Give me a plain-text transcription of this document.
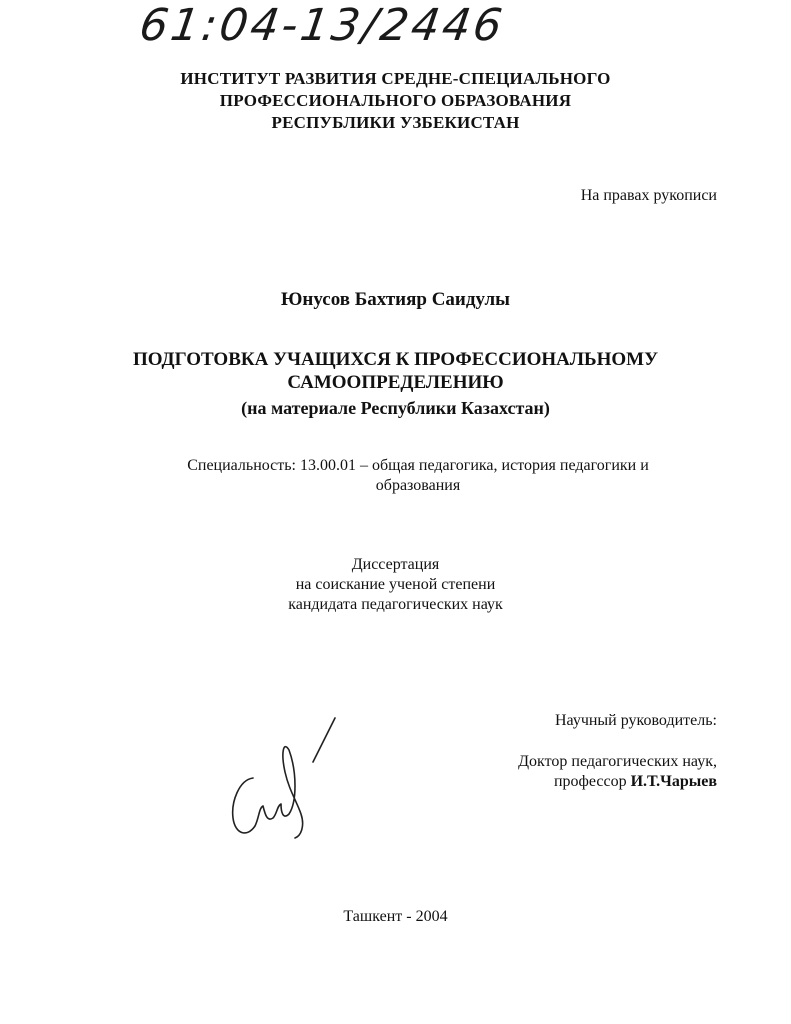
61:04-13/2446
ИНСТИТУТ РАЗВИТИЯ СРЕДНЕ-СПЕЦИАЛЬНОГО
ПРОФЕССИОНАЛЬНОГО ОБРАЗОВАНИЯ
РЕСПУБЛИКИ УЗБЕКИСТАН
На правах рукописи
Юнусов Бахтияр Саидулы
ПОДГОТОВКА УЧАЩИХСЯ К ПРОФЕССИОНАЛЬНОМУ
САМООПРЕДЕЛЕНИЮ
(на материале Республики Казахстан)
Специальность: 13.00.01 – общая педагогика, история педагогики и
образования
Диссертация
на соискание ученой степени
кандидата педагогических наук
Научный руководитель:
Доктор педагогических наук,
профессор И.Т.Чарыев
Ташкент - 2004
